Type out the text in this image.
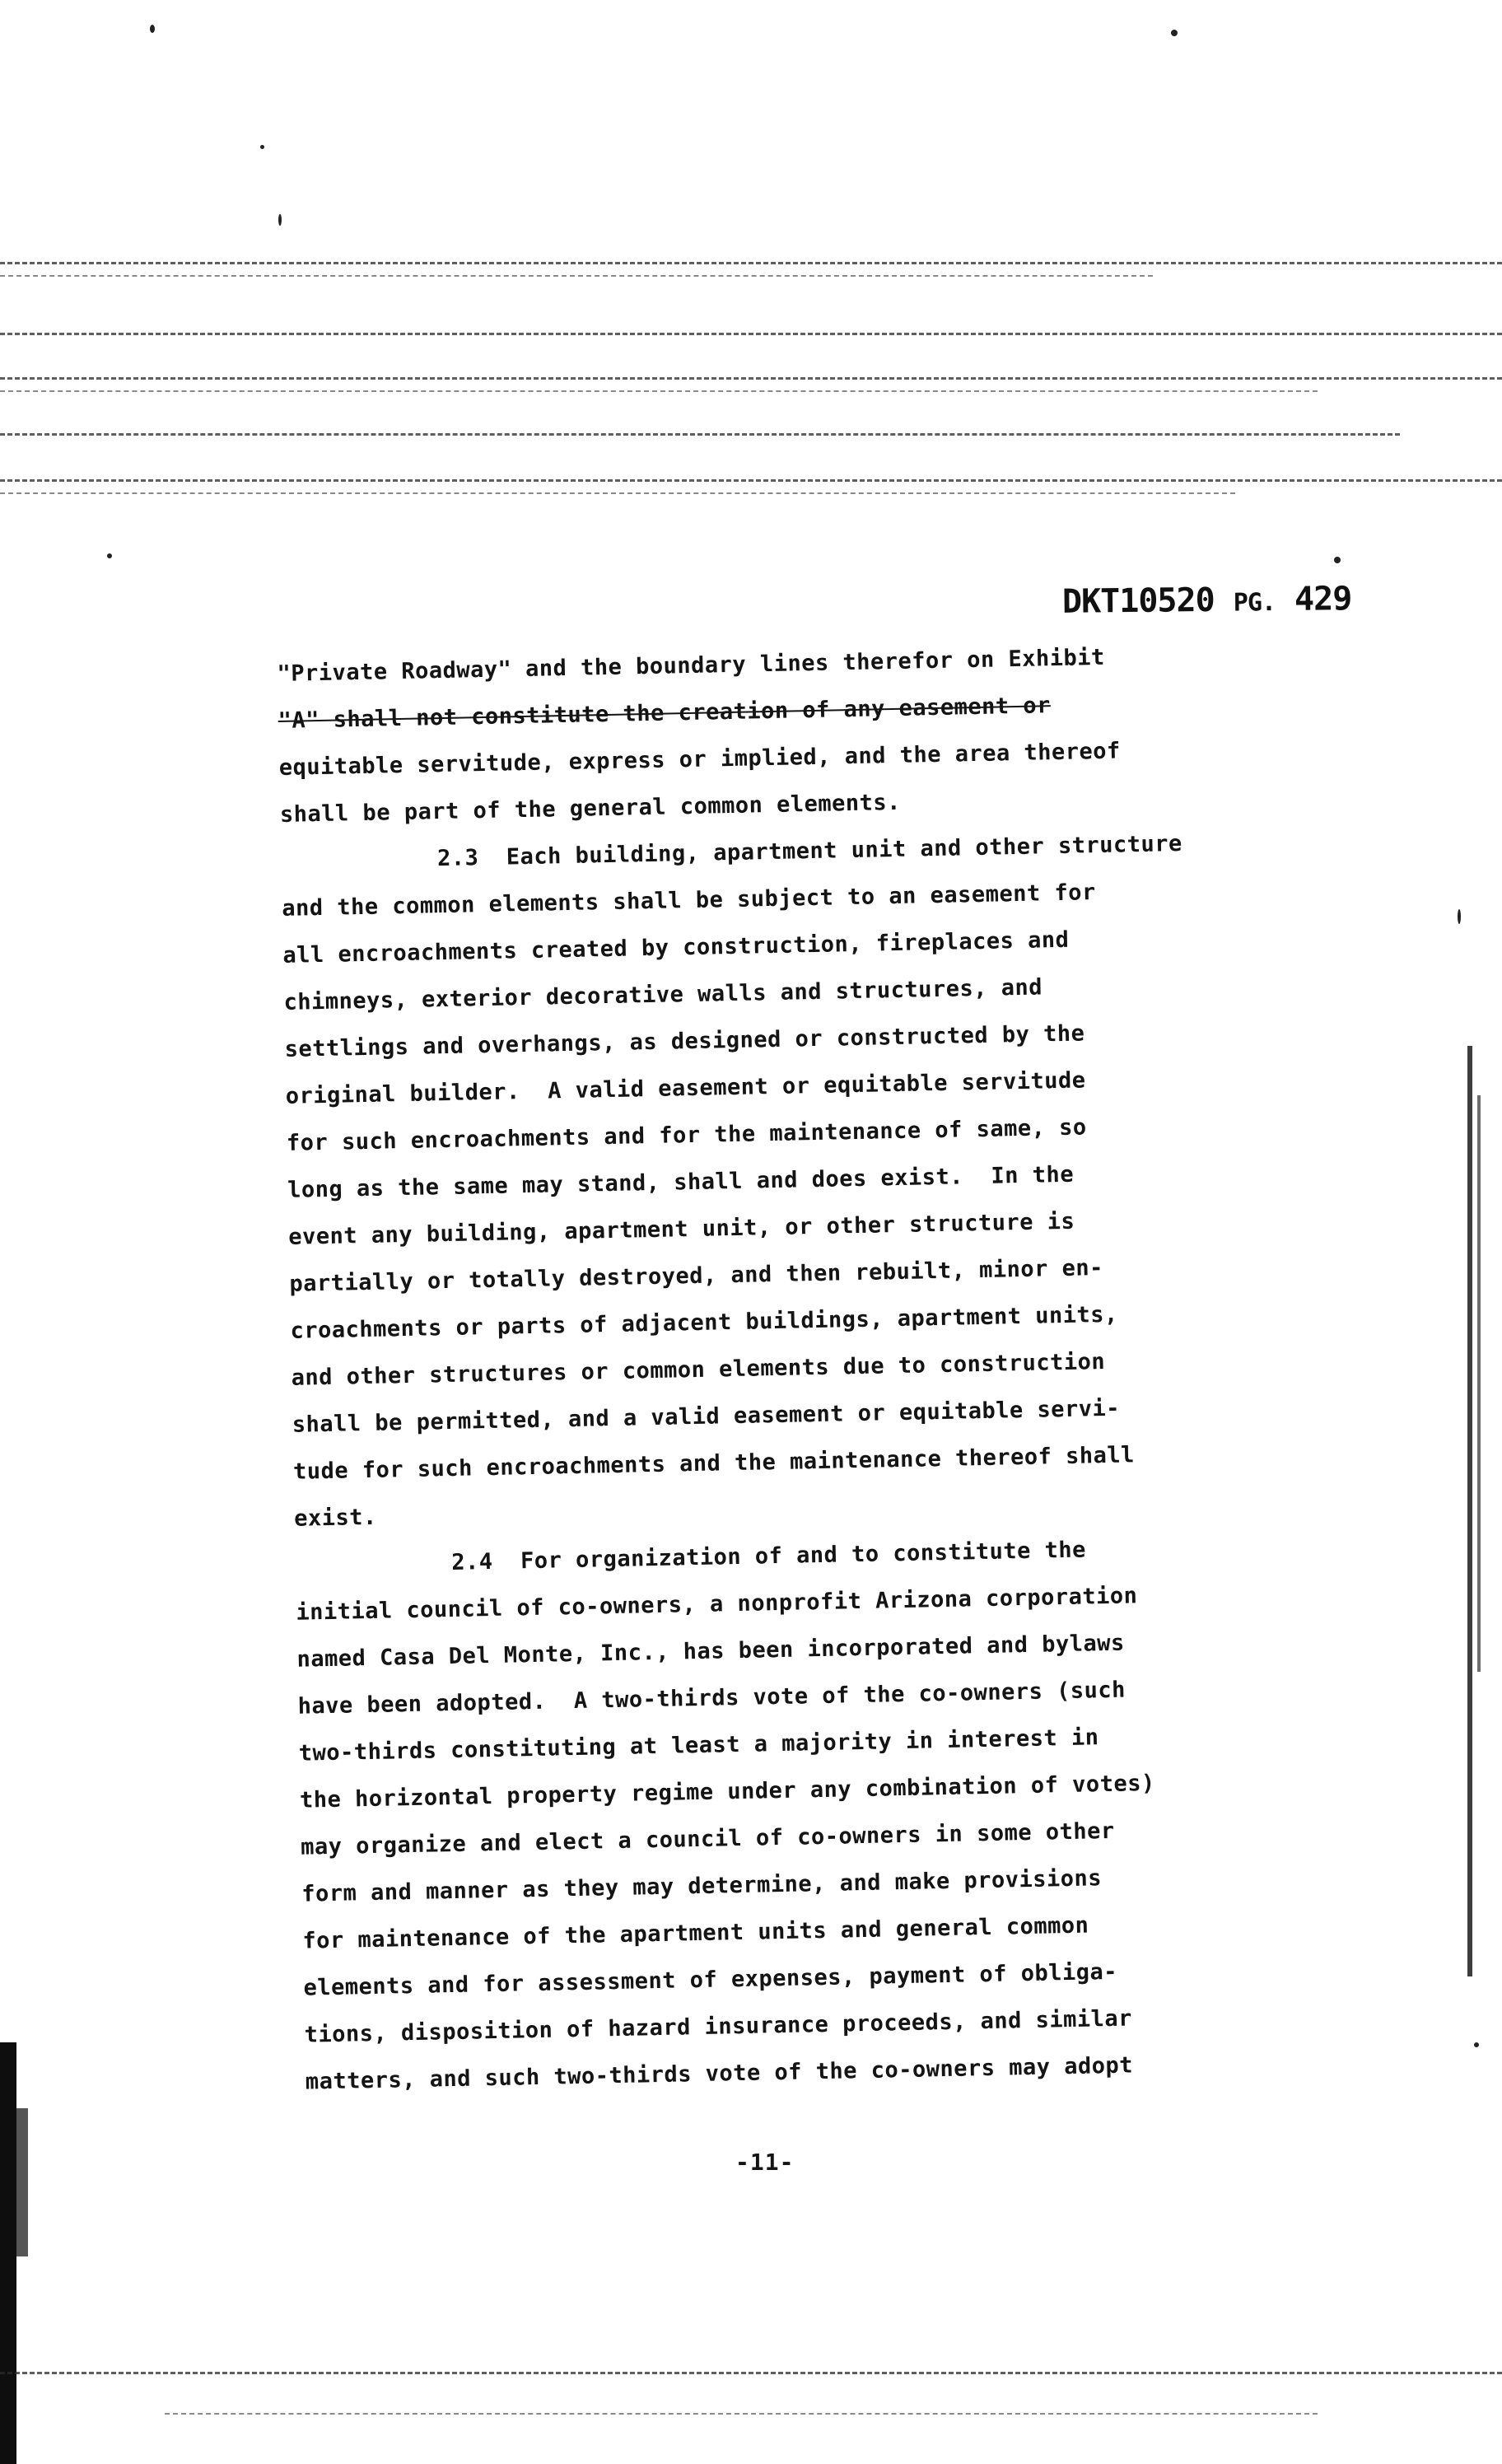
DKT10520 PG. 429
"Private Roadway" and the boundary lines therefor on Exhibit
"A" shall not constitute the creation of any easement or
equitable servitude, express or implied, and the area thereof
shall be part of the general common elements.
2.3  Each building, apartment unit and other structure
and the common elements shall be subject to an easement for
all encroachments created by construction, fireplaces and
chimneys, exterior decorative walls and structures, and
settlings and overhangs, as designed or constructed by the
original builder.  A valid easement or equitable servitude
for such encroachments and for the maintenance of same, so
long as the same may stand, shall and does exist.  In the
event any building, apartment unit, or other structure is
partially or totally destroyed, and then rebuilt, minor en-
croachments or parts of adjacent buildings, apartment units,
and other structures or common elements due to construction
shall be permitted, and a valid easement or equitable servi-
tude for such encroachments and the maintenance thereof shall
exist.
2.4  For organization of and to constitute the
initial council of co-owners, a nonprofit Arizona corporation
named Casa Del Monte, Inc., has been incorporated and bylaws
have been adopted.  A two-thirds vote of the co-owners (such
two-thirds constituting at least a majority in interest in
the horizontal property regime under any combination of votes)
may organize and elect a council of co-owners in some other
form and manner as they may determine, and make provisions
for maintenance of the apartment units and general common
elements and for assessment of expenses, payment of obliga-
tions, disposition of hazard insurance proceeds, and similar
matters, and such two-thirds vote of the co-owners may adopt
-11-
